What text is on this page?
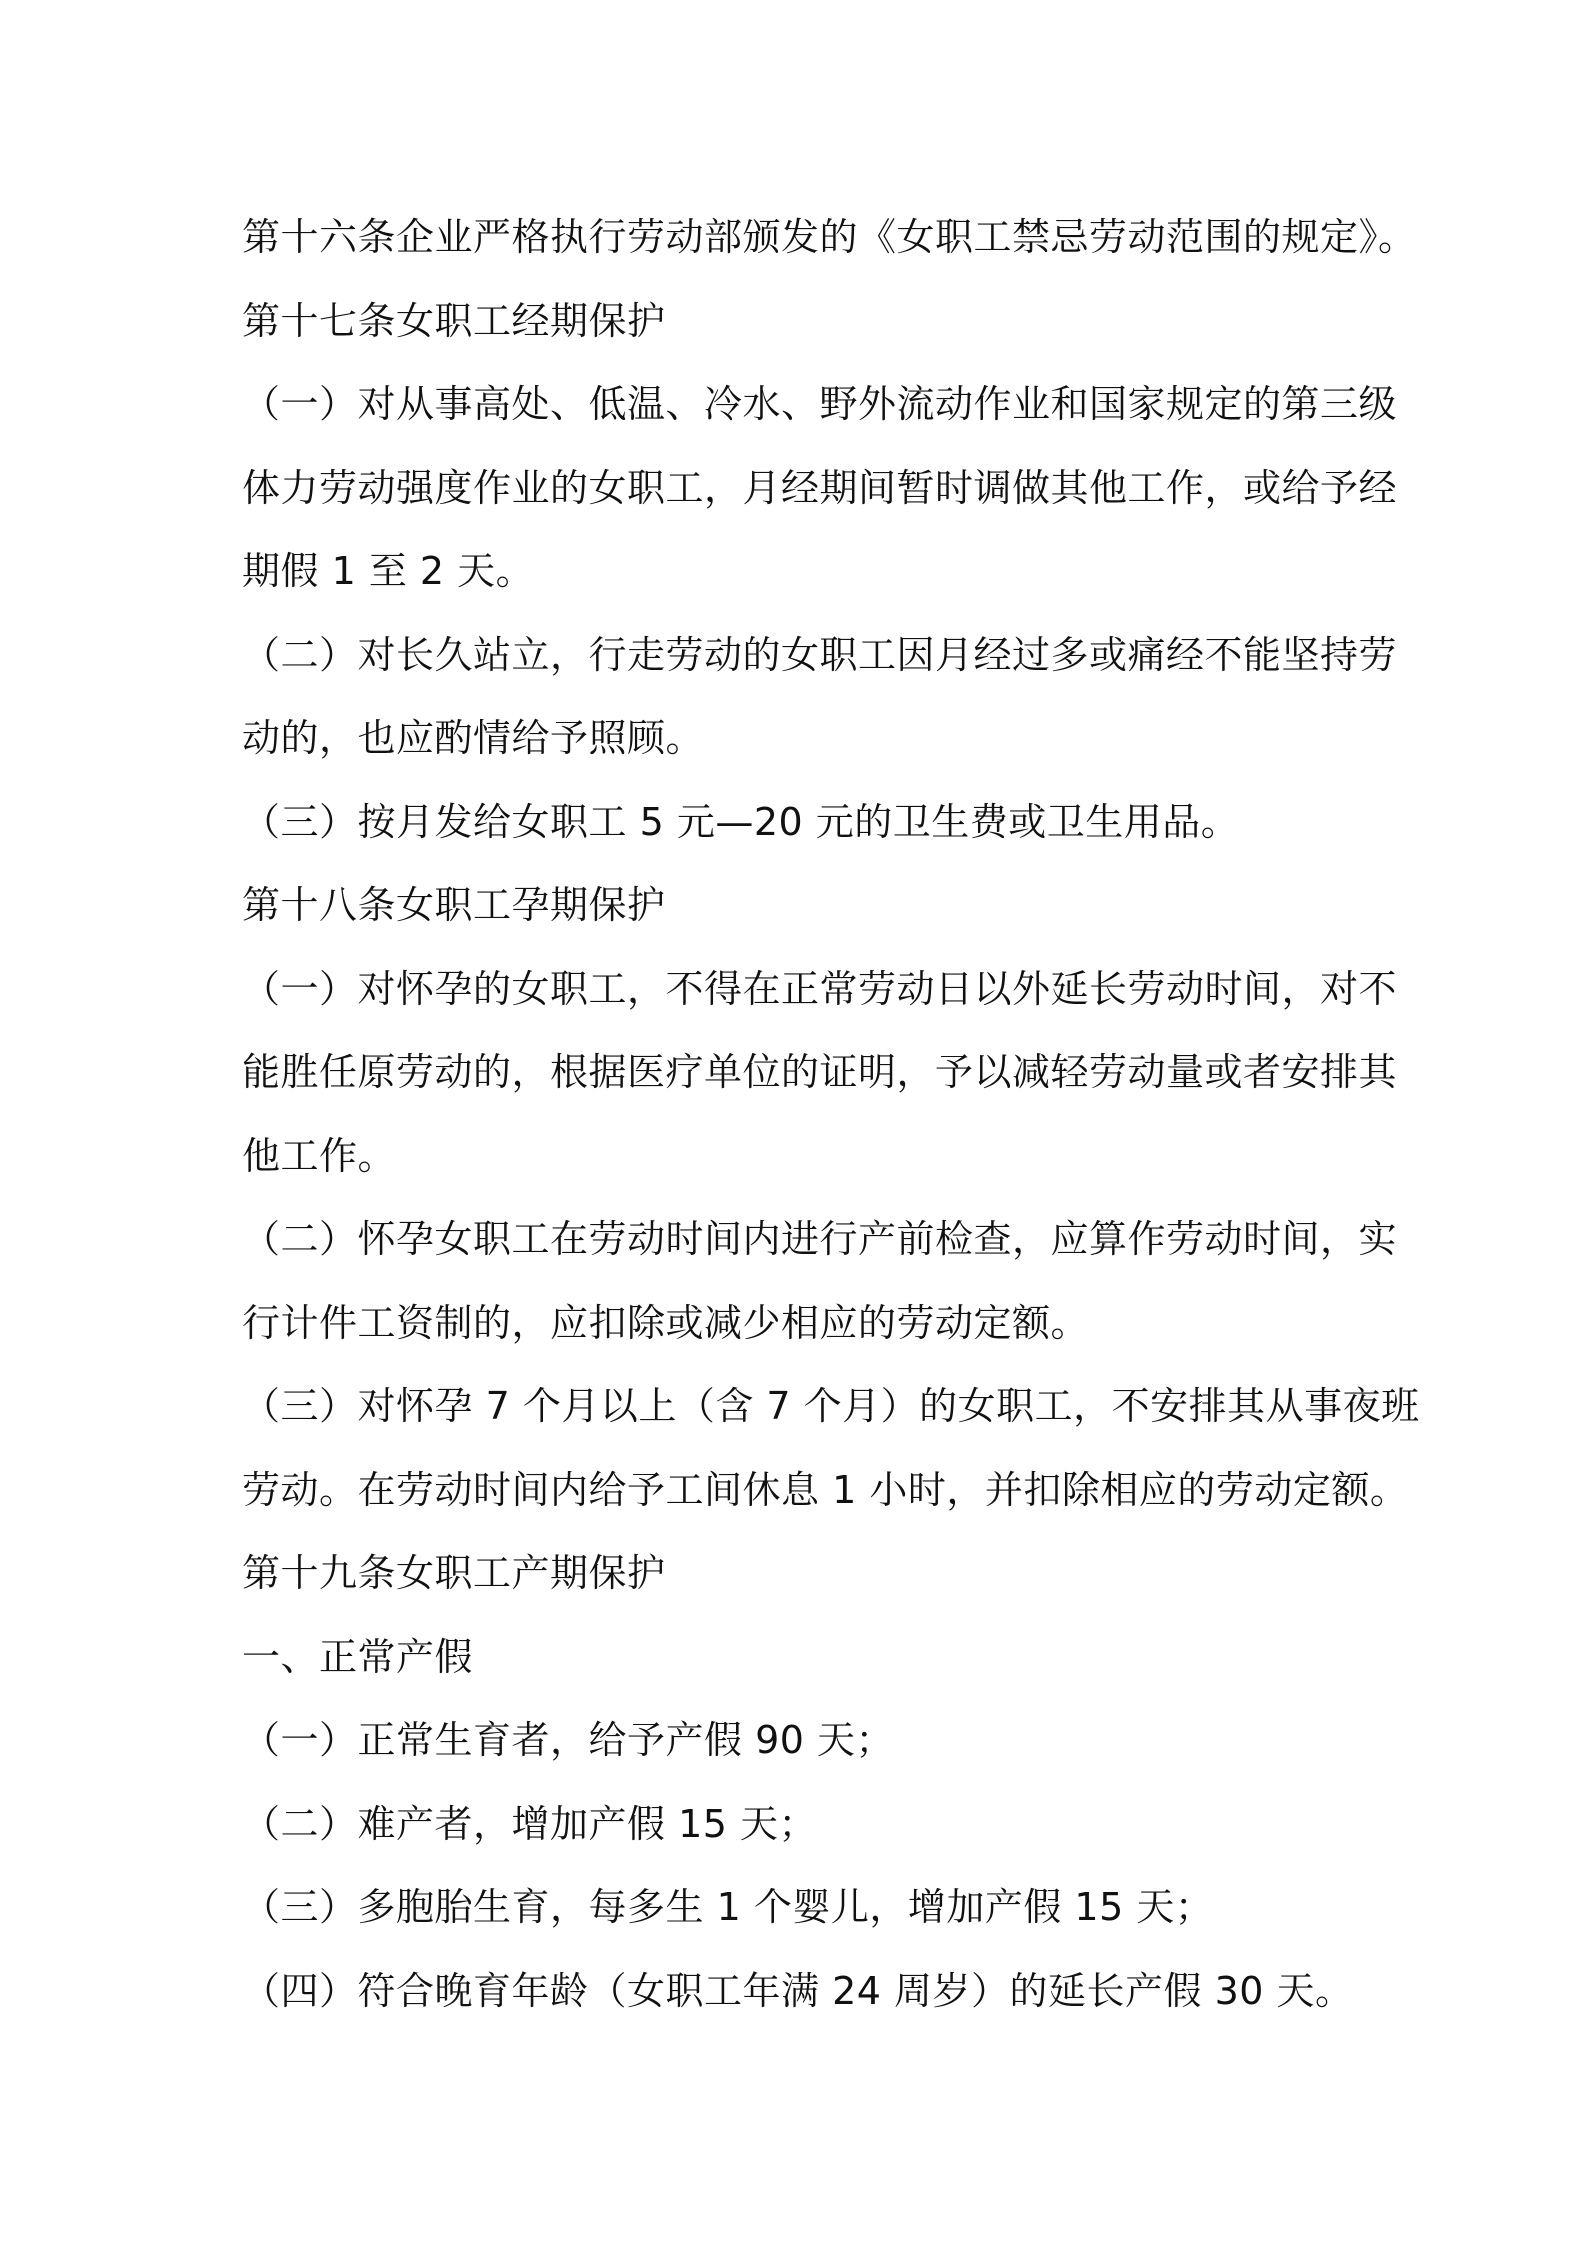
第十六条企业严格执行劳动部颁发的《女职工禁忌劳动范围的规定》。

第十七条女职工经期保护

（一）对从事高处、低温、冷水、野外流动作业和国家规定的第三级

体力劳动强度作业的女职工，月经期间暂时调做其他工作，或给予经

期假 1 至 2 天。

（二）对长久站立，行走劳动的女职工因月经过多或痛经不能坚持劳

动的，也应酌情给予照顾。

（三）按月发给女职工 5 元—20 元的卫生费或卫生用品。

第十八条女职工孕期保护

（一）对怀孕的女职工，不得在正常劳动日以外延长劳动时间，对不

能胜任原劳动的，根据医疗单位的证明，予以减轻劳动量或者安排其

他工作。

（二）怀孕女职工在劳动时间内进行产前检查，应算作劳动时间，实

行计件工资制的，应扣除或减少相应的劳动定额。

（三）对怀孕 7 个月以上（含 7 个月）的女职工，不安排其从事夜班

劳动。在劳动时间内给予工间休息 1 小时，并扣除相应的劳动定额。

第十九条女职工产期保护

一、正常产假

（一）正常生育者，给予产假 90 天；

（二）难产者，增加产假 15 天；

（三）多胞胎生育，每多生 1 个婴儿，增加产假 15 天；

（四）符合晚育年龄（女职工年满 24 周岁）的延长产假 30 天。
